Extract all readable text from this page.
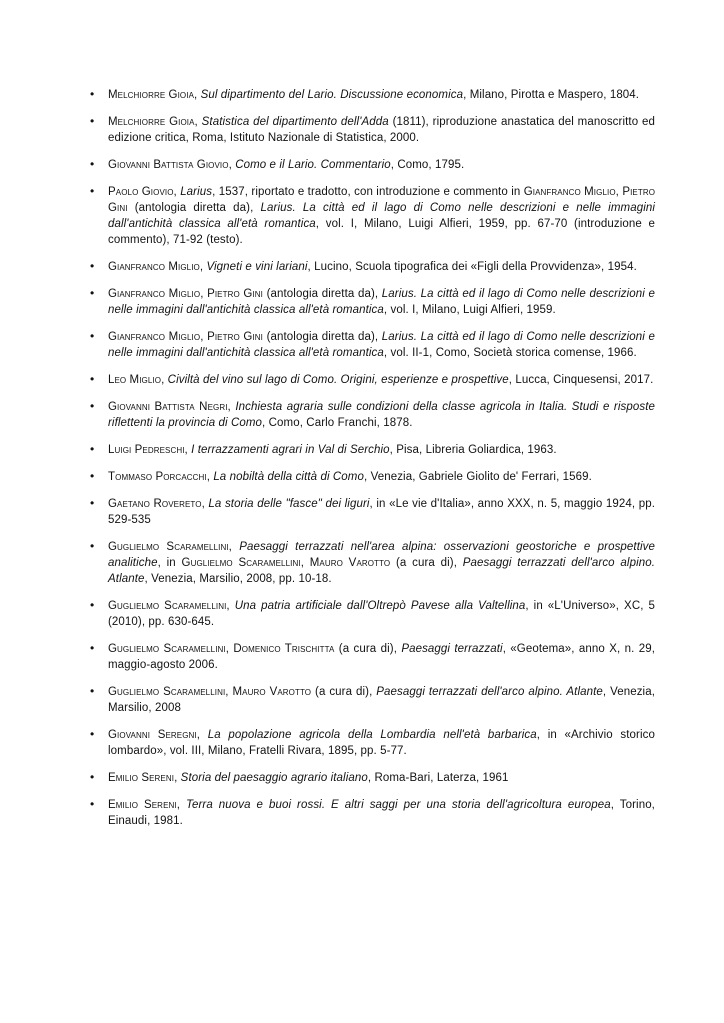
• Melchiorre Gioia, Sul dipartimento del Lario. Discussione economica, Milano, Pirotta e Maspero, 1804.
• Melchiorre Gioia, Statistica del dipartimento dell'Adda (1811), riproduzione anastatica del manoscritto ed edizione critica, Roma, Istituto Nazionale di Statistica, 2000.
• Giovanni Battista Giovio, Como e il Lario. Commentario, Como, 1795.
• Paolo Giovio, Larius, 1537, riportato e tradotto, con introduzione e commento in Gianfranco Miglio, Pietro Gini (antologia diretta da), Larius. La città ed il lago di Como nelle descrizioni e nelle immagini dall'antichità classica all'età romantica, vol. I, Milano, Luigi Alfieri, 1959, pp. 67-70 (introduzione e commento), 71-92 (testo).
• Gianfranco Miglio, Vigneti e vini lariani, Lucino, Scuola tipografica dei «Figli della Provvidenza», 1954.
• Gianfranco Miglio, Pietro Gini (antologia diretta da), Larius. La città ed il lago di Como nelle descrizioni e nelle immagini dall'antichità classica all'età romantica, vol. I, Milano, Luigi Alfieri, 1959.
• Gianfranco Miglio, Pietro Gini (antologia diretta da), Larius. La città ed il lago di Como nelle descrizioni e nelle immagini dall'antichità classica all'età romantica, vol. II-1, Como, Società storica comense, 1966.
• Leo Miglio, Civiltà del vino sul lago di Como. Origini, esperienze e prospettive, Lucca, Cinquesensi, 2017.
• Giovanni Battista Negri, Inchiesta agraria sulle condizioni della classe agricola in Italia. Studi e risposte riflettenti la provincia di Como, Como, Carlo Franchi, 1878.
• Luigi Pedreschi, I terrazzamenti agrari in Val di Serchio, Pisa, Libreria Goliardica, 1963.
• Tommaso Porcacchi, La nobiltà della città di Como, Venezia, Gabriele Giolito de' Ferrari, 1569.
• Gaetano Rovereto, La storia delle "fasce" dei liguri, in «Le vie d'Italia», anno XXX, n. 5, maggio 1924, pp. 529-535
• Guglielmo Scaramellini, Paesaggi terrazzati nell'area alpina: osservazioni geostoriche e prospettive analitiche, in Guglielmo Scaramellini, Mauro Varotto (a cura di), Paesaggi terrazzati dell'arco alpino. Atlante, Venezia, Marsilio, 2008, pp. 10-18.
• Guglielmo Scaramellini, Una patria artificiale dall'Oltrepò Pavese alla Valtellina, in «L'Universo», XC, 5 (2010), pp. 630-645.
• Guglielmo Scaramellini, Domenico Trischitta (a cura di), Paesaggi terrazzati, «Geotema», anno X, n. 29, maggio-agosto 2006.
• Guglielmo Scaramellini, Mauro Varotto (a cura di), Paesaggi terrazzati dell'arco alpino. Atlante, Venezia, Marsilio, 2008
• Giovanni Seregni, La popolazione agricola della Lombardia nell'età barbarica, in «Archivio storico lombardo», vol. III, Milano, Fratelli Rivara, 1895, pp. 5-77.
• Emilio Sereni, Storia del paesaggio agrario italiano, Roma-Bari, Laterza, 1961
• Emilio Sereni, Terra nuova e buoi rossi. E altri saggi per una storia dell'agricoltura europea, Torino, Einaudi, 1981.
